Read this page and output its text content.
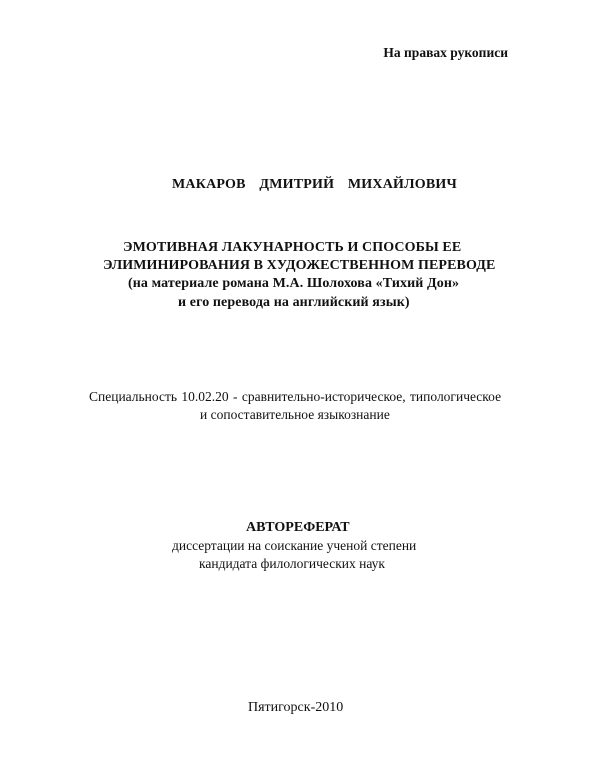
На правах рукописи
МАКАРОВ ДМИТРИЙ МИХАЙЛОВИЧ
ЭМОТИВНАЯ ЛАКУНАРНОСТЬ И СПОСОБЫ ЕЕ
ЭЛИМИНИРОВАНИЯ В ХУДОЖЕСТВЕННОМ ПЕРЕВОДЕ
(на материале романа М.А. Шолохова «Тихий Дон»
и его перевода на английский язык)
Специальность 10.02.20 - сравнительно-историческое, типологическое
и сопоставительное языкознание
АВТОРЕФЕРАТ
диссертации на соискание ученой степени
кандидата филологических наук
Пятигорск-2010
